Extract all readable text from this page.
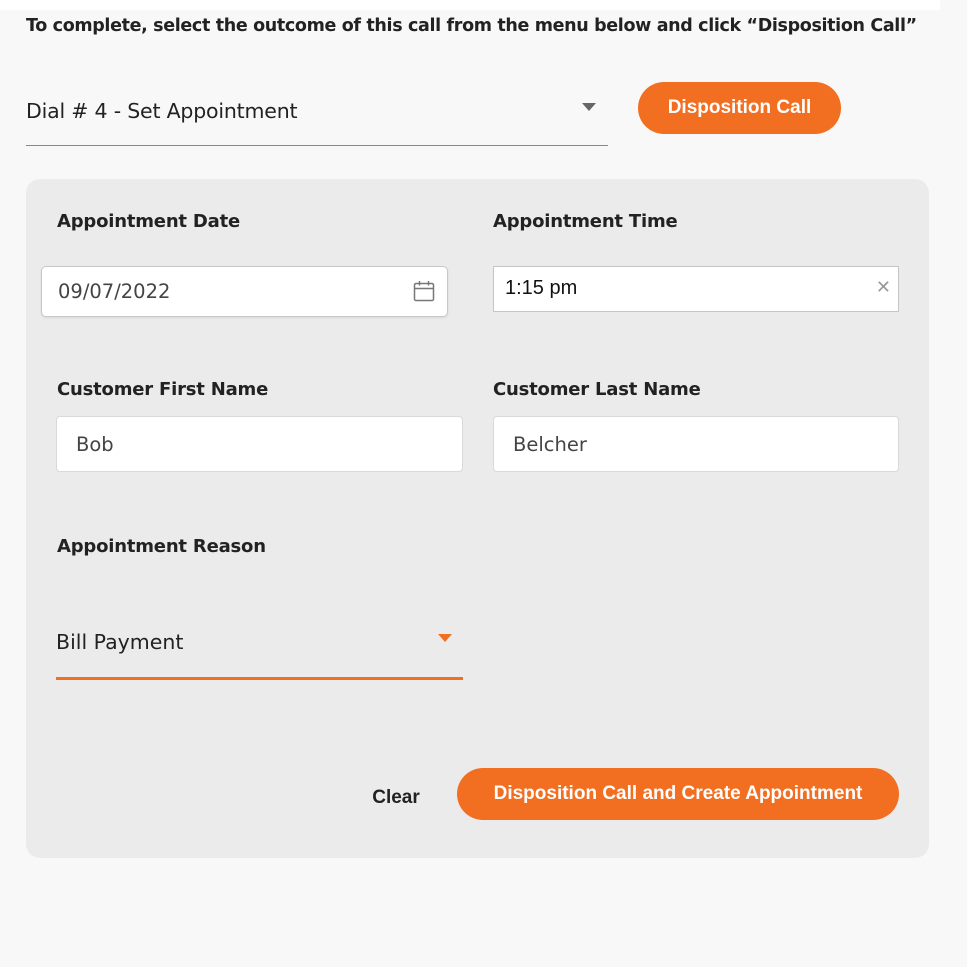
To complete, select the outcome of this call from the menu below and click “Disposition Call”
Dial # 4 - Set Appointment	Disposition Call
Appointment Date	Appointment Time
09/07/2022	1:15 pm	✕
Customer First Name	Customer Last Name
Bob	Belcher
Appointment Reason
Bill Payment
Clear	Disposition Call and Create Appointment
